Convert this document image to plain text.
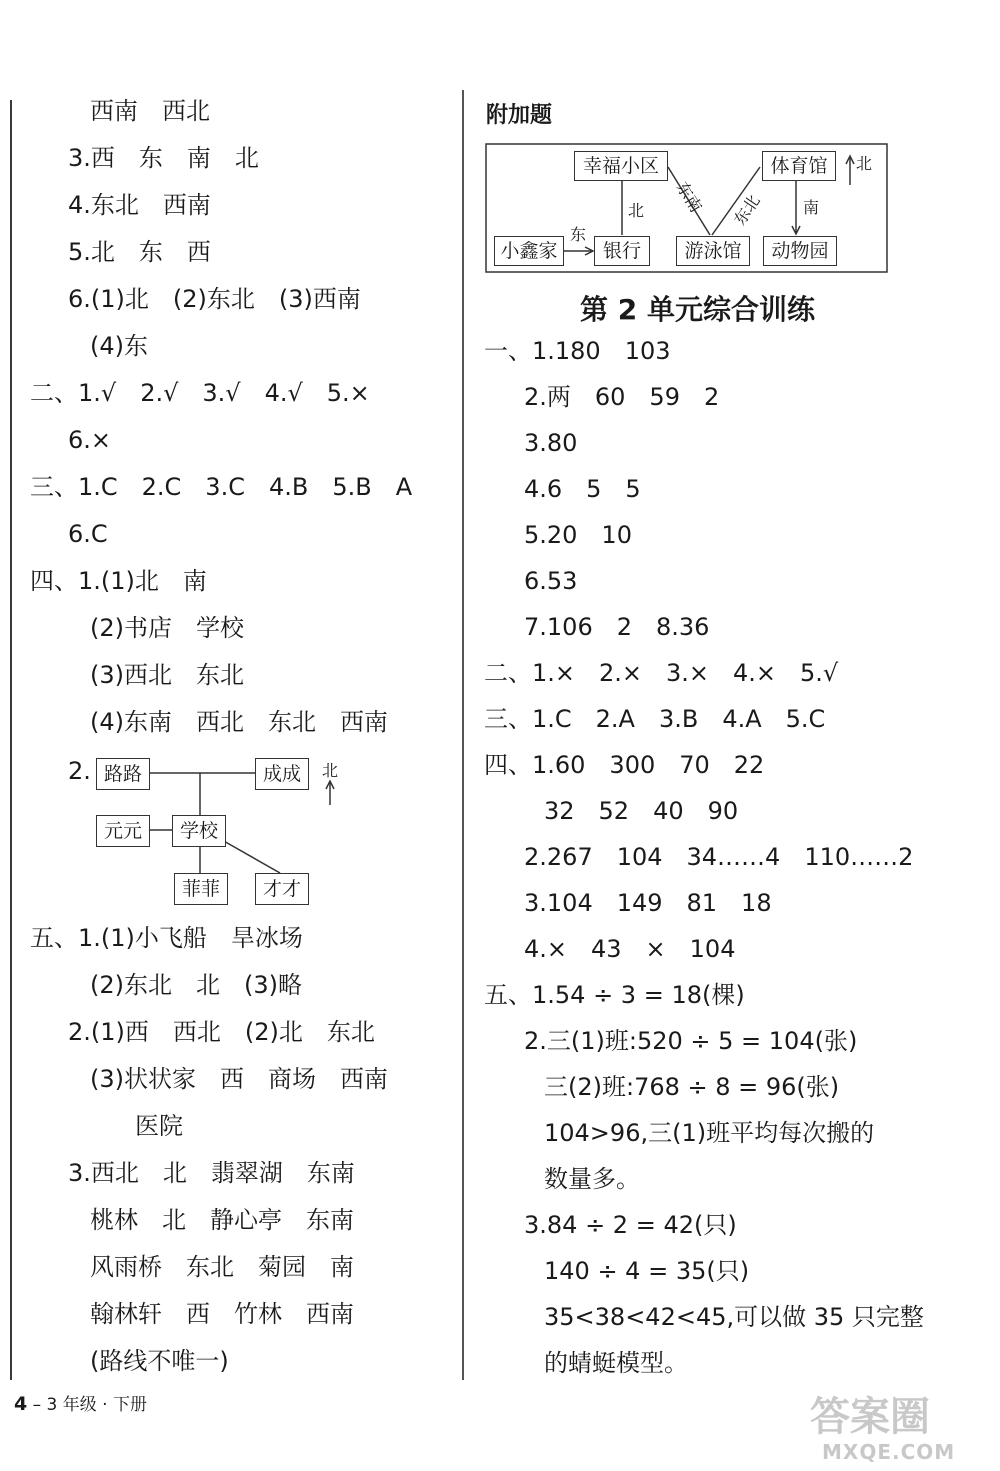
西南　西北
3.西　东　南　北
4.东北　西南
5.北　东　西
6.(1)北　(2)东北　(3)西南
(4)东
二、1.√　2.√　3.√　4.√　5.×
6.×
三、1.C　2.C　3.C　4.B　5.B　A
6.C
四、1.(1)北　南
(2)书店　学校
(3)西北　东北
(4)东南　西北　东北　西南
2. 路路	成成
元元	学校
菲菲	才才
北
五、1.(1)小飞船　旱冰场
(2)东北　北　(3)略
2.(1)西　西北　(2)北　东北
(3)状状家　西　商场　西南
医院
3.西北　北　翡翠湖　东南
桃林　北　静心亭　东南
风雨桥　东北　菊园　南
翰林轩　西　竹林　西南
(路线不唯一)
附加题
幸福小区	体育馆
小鑫家	银行	游泳馆	动物园
北
东
北 东南 东北 南
第 2 单元综合训练
一、1.180　103
2.两　60　59　2
3.80
4.6　5　5
5.20　10
6.53
7.106　2　8.36
二、1.×　2.×　3.×　4.×　5.√
三、1.C　2.A　3.B　4.A　5.C
四、1.60　300　70　22
32　52　40　90
2.267　104　34……4　110……2
3.104　149　81　18
4.×　43　×　104
五、1.54 ÷ 3 = 18(棵)
2.三(1)班:520 ÷ 5 = 104(张)
三(2)班:768 ÷ 8 = 96(张)
104>96,三(1)班平均每次搬的
数量多。
3.84 ÷ 2 = 42(只)
140 ÷ 4 = 35(只)
35<38<42<45,可以做 35 只完整
的蜻蜓模型。
4 – 3 年级 · 下册	答案圈
MXQE.COM
